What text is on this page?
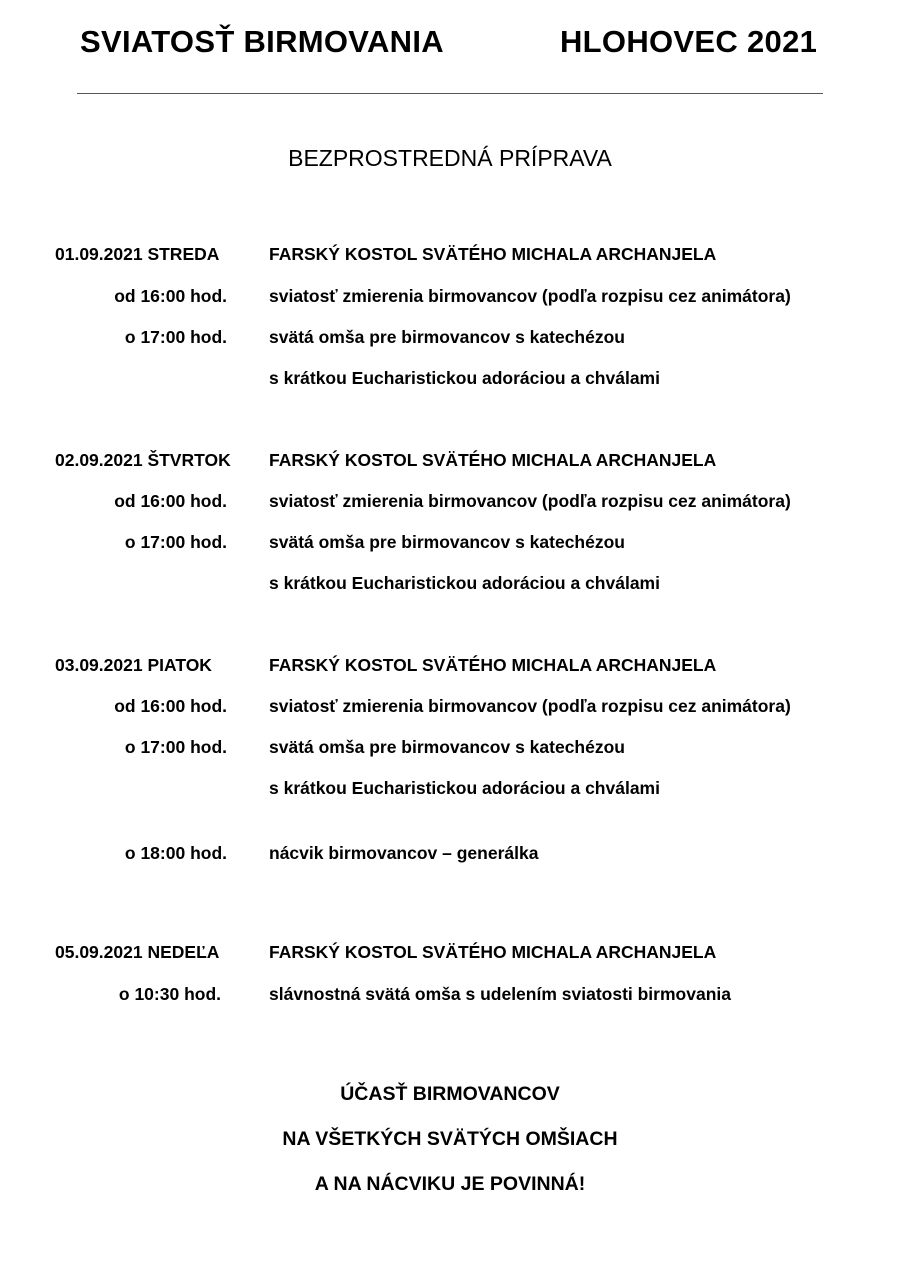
SVIATOSŤ BIRMOVANIA	HLOHOVEC 2021
BEZPROSTREDNÁ PRÍPRAVA
01.09.2021 STREDA	FARSKÝ KOSTOL SVÄTÉHO MICHALA ARCHANJELA
od 16:00 hod. sviatosť zmierenia birmovancov (podľa rozpisu cez animátora)
o 17:00 hod. svätá omša pre birmovancov s katechézou
s krátkou Eucharistickou adoráciou a chválami
02.09.2021 ŠTVRTOK FARSKÝ KOSTOL SVÄTÉHO MICHALA ARCHANJELA
od 16:00 hod. sviatosť zmierenia birmovancov (podľa rozpisu cez animátora)
o 17:00 hod. svätá omša pre birmovancov s katechézou
s krátkou Eucharistickou adoráciou a chválami
03.09.2021 PIATOK	FARSKÝ KOSTOL SVÄTÉHO MICHALA ARCHANJELA
od 16:00 hod. sviatosť zmierenia birmovancov (podľa rozpisu cez animátora)
o 17:00 hod. svätá omša pre birmovancov s katechézou
s krátkou Eucharistickou adoráciou a chválami
o 18:00 hod. nácvik birmovancov – generálka
05.09.2021 NEDEĽA	FARSKÝ KOSTOL SVÄTÉHO MICHALA ARCHANJELA
o 10:30 hod.	slávnostná svätá omša s udelením sviatosti birmovania
ÚČASŤ BIRMOVANCOV
NA VŠETKÝCH SVÄTÝCH OMŠIACH
A NA NÁCVIKU JE POVINNÁ!
